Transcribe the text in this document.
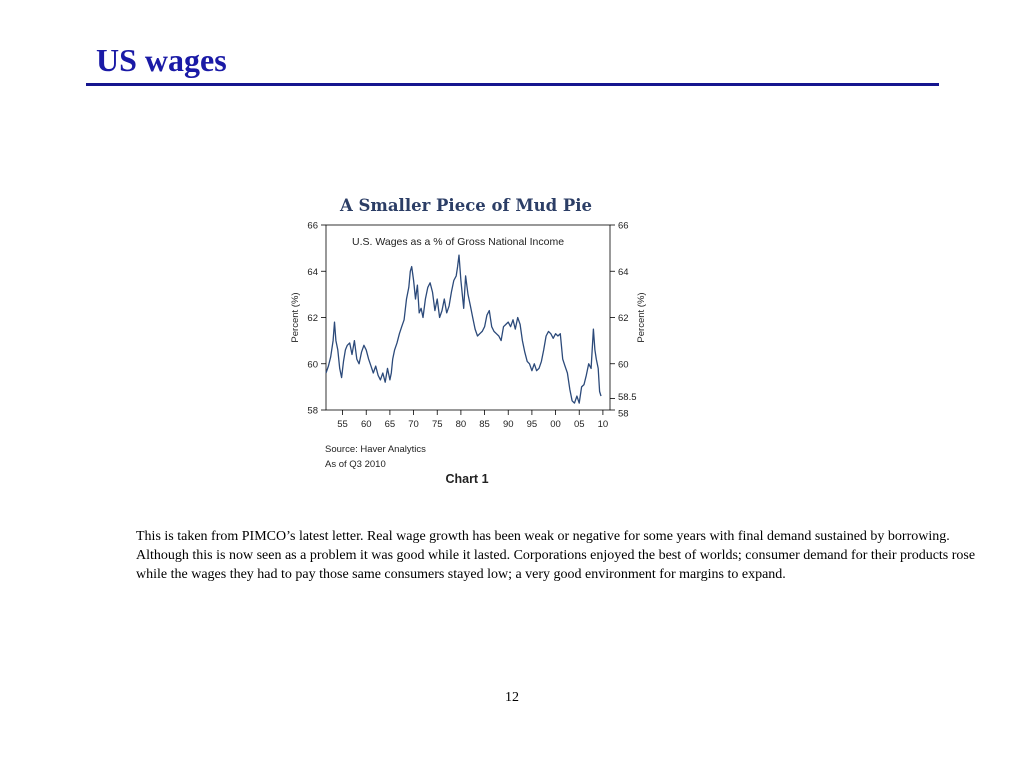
US wages
A Smaller Piece of Mud Pie
U.S. Wages as a % of Gross National Income
Percent (%)	Percent (%)
55 60 65 70 75 80 85 90 95 00 05 10
58
60
62
64
66
58
58.5
60
62
64
66
Source: Haver Analytics
As of Q3 2010
Chart 1

This is taken from PIMCO’s latest letter. Real wage growth has been weak or negative for some years with final demand sustained by borrowing. Although this is now seen as a problem it was good while it lasted. Corporations enjoyed the best of worlds; consumer demand for their products rose while the wages they had to pay those same consumers stayed low; a very good environment for margins to expand.

12
